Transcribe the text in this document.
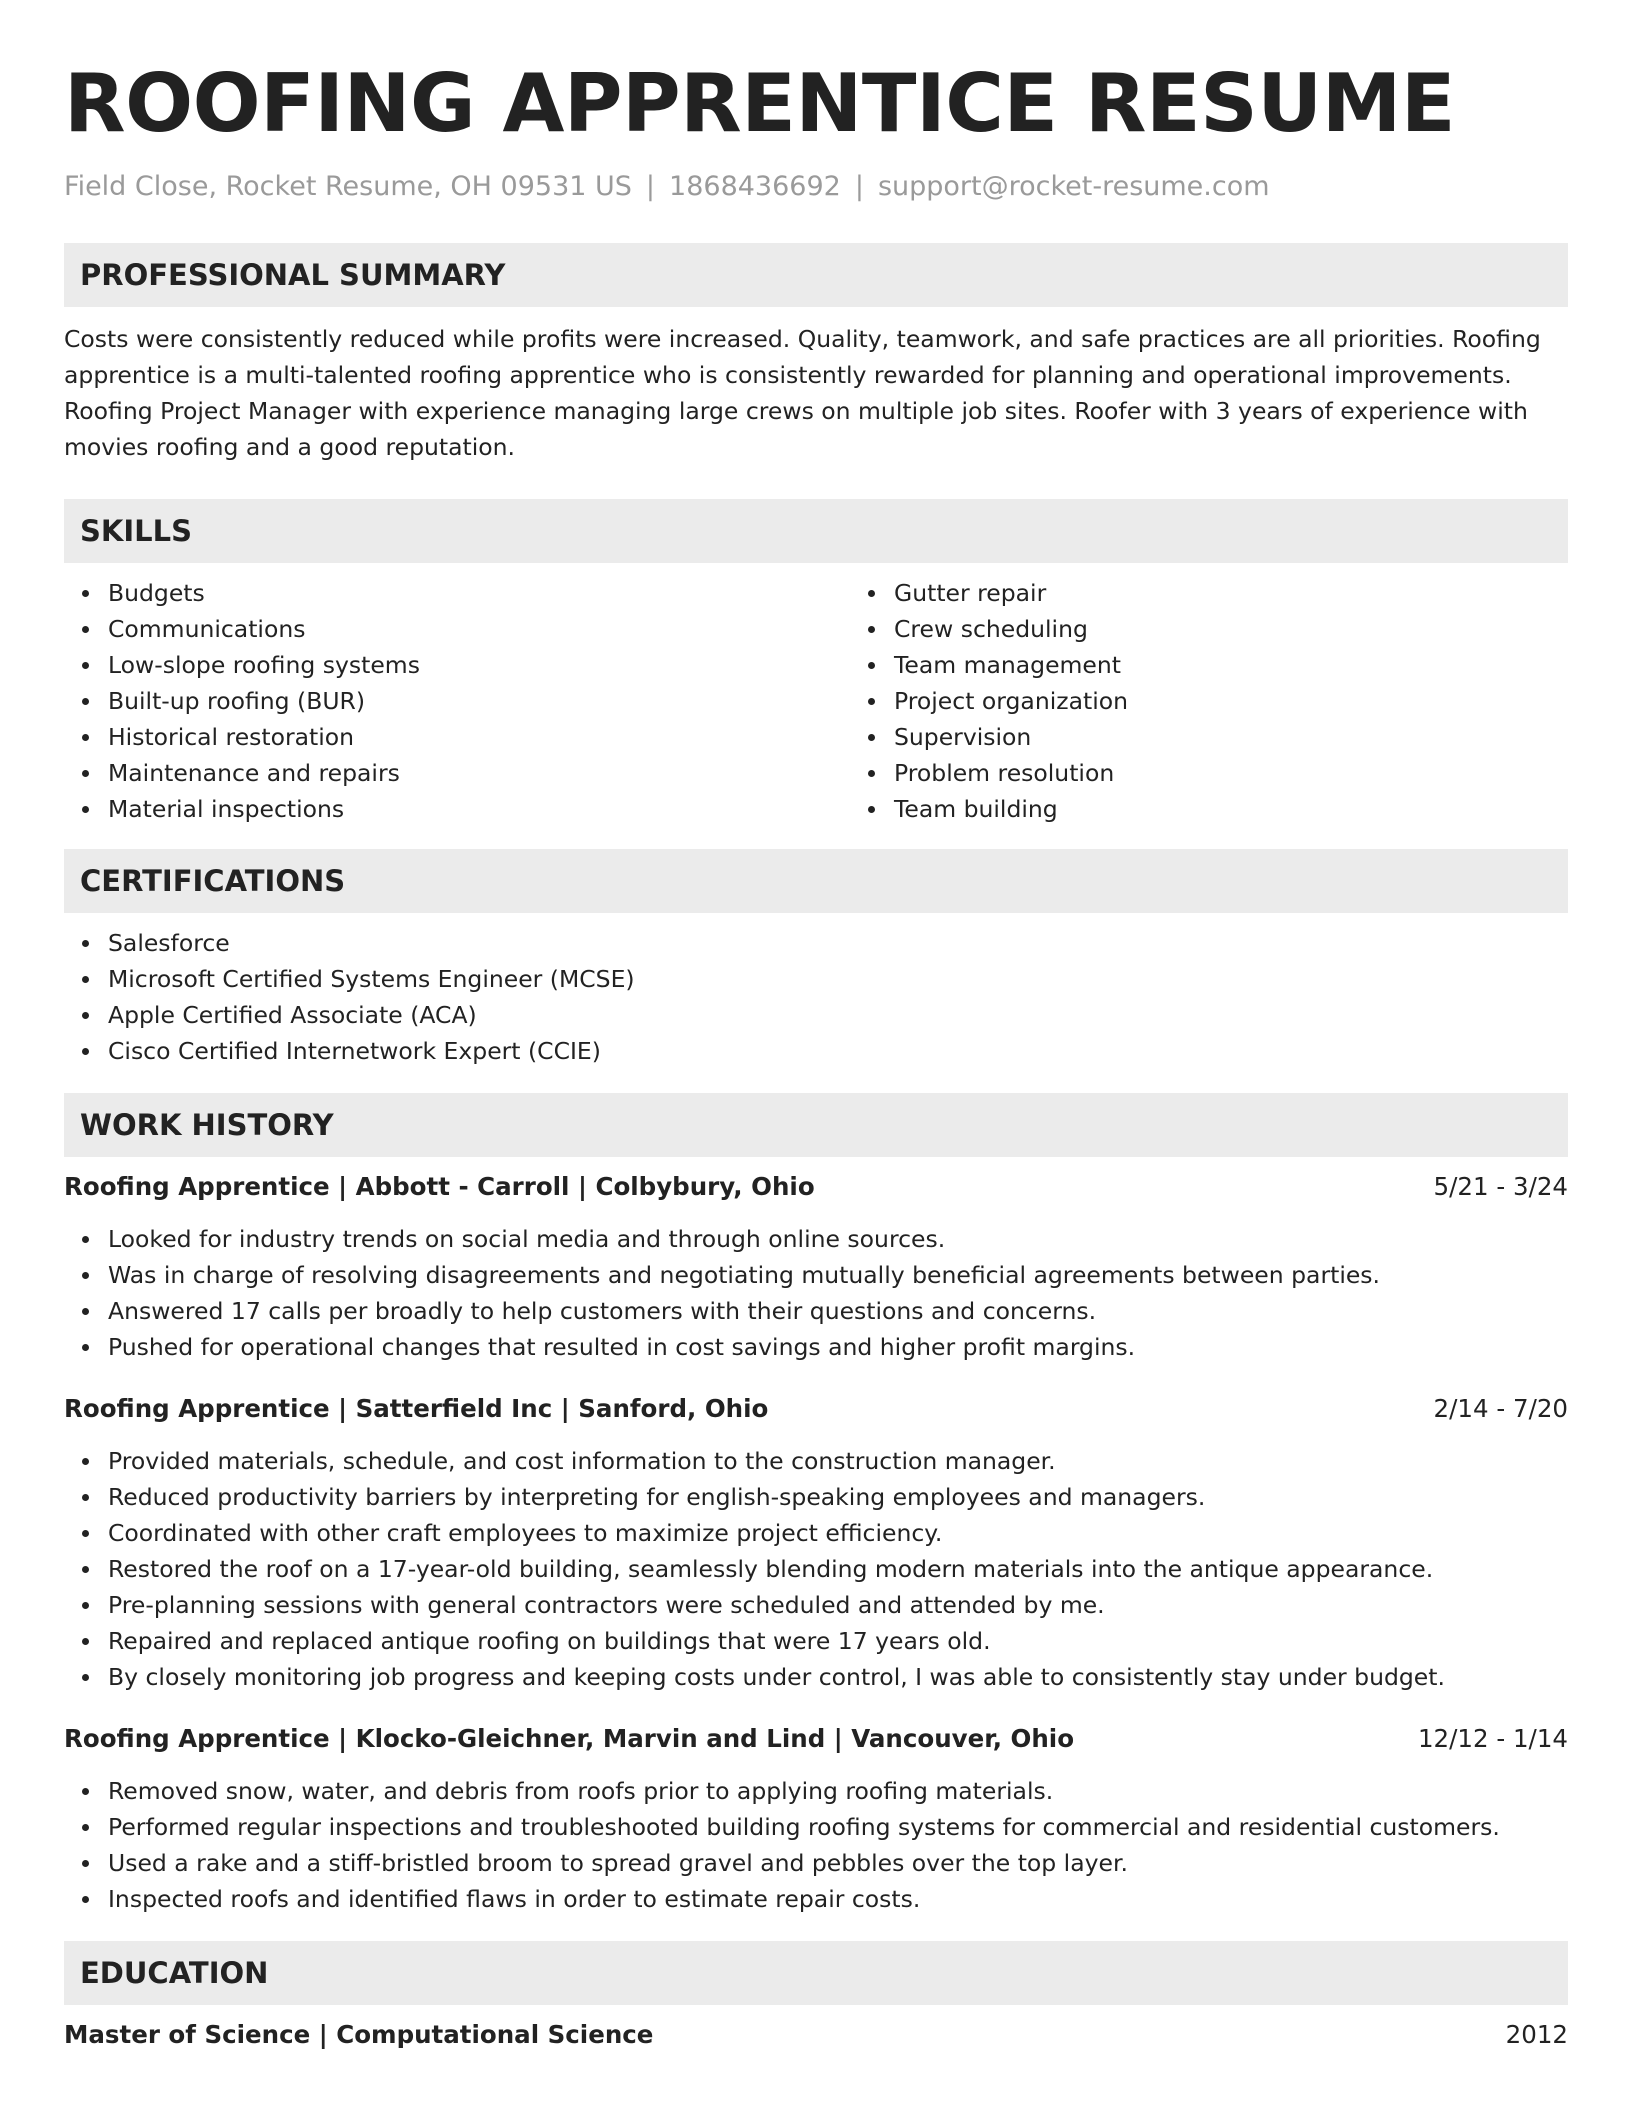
ROOFING APPRENTICE RESUME
Field Close, Rocket Resume, OH 09531 US | 1868436692 | support@rocket-resume.com
PROFESSIONAL SUMMARY

Costs were consistently reduced while profits were increased. Quality, teamwork, and safe practices are all priorities. Roofing apprentice is a multi-talented roofing apprentice who is consistently rewarded for planning and operational improvements. Roofing Project Manager with experience managing large crews on multiple job sites. Roofer with 3 years of experience with movies roofing and a good reputation.

SKILLS
Budgets
Communications
Low-slope roofing systems
Built-up roofing (BUR)
Historical restoration
Maintenance and repairs
Material inspections
Gutter repair
Crew scheduling
Team management
Project organization
Supervision
Problem resolution
Team building
CERTIFICATIONS
Salesforce
Microsoft Certified Systems Engineer (MCSE)
Apple Certified Associate (ACA)
Cisco Certified Internetwork Expert (CCIE)
WORK HISTORY
Roofing Apprentice | Abbott - Carroll | Colbybury, Ohio	5/21 - 3/24
Looked for industry trends on social media and through online sources.
Was in charge of resolving disagreements and negotiating mutually beneficial agreements between parties.
Answered 17 calls per broadly to help customers with their questions and concerns.
Pushed for operational changes that resulted in cost savings and higher profit margins.
Roofing Apprentice | Satterfield Inc | Sanford, Ohio	2/14 - 7/20
Provided materials, schedule, and cost information to the construction manager.
Reduced productivity barriers by interpreting for english-speaking employees and managers.
Coordinated with other craft employees to maximize project efficiency.
Restored the roof on a 17-year-old building, seamlessly blending modern materials into the antique appearance.
Pre-planning sessions with general contractors were scheduled and attended by me.
Repaired and replaced antique roofing on buildings that were 17 years old.
By closely monitoring job progress and keeping costs under control, I was able to consistently stay under budget.
Roofing Apprentice | Klocko-Gleichner, Marvin and Lind | Vancouver, Ohio	12/12 - 1/14
Removed snow, water, and debris from roofs prior to applying roofing materials.
Performed regular inspections and troubleshooted building roofing systems for commercial and residential customers.
Used a rake and a stiff-bristled broom to spread gravel and pebbles over the top layer.
Inspected roofs and identified flaws in order to estimate repair costs.
EDUCATION
Master of Science | Computational Science	2012
